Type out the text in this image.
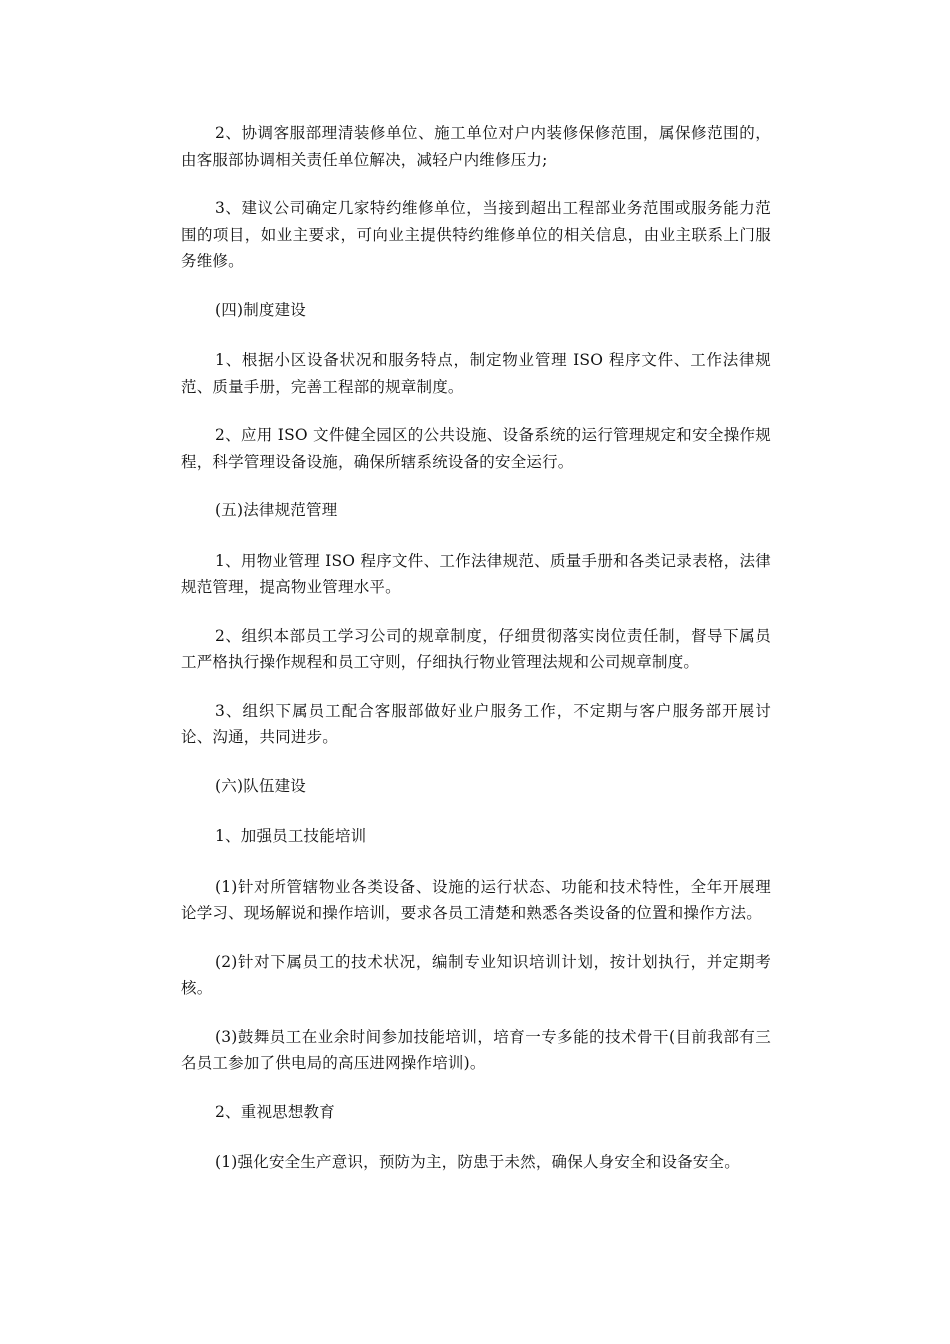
2、协调客服部理清装修单位、施工单位对户内装修保修范围，属保修范围的，由客服部协调相关责任单位解决，减轻户内维修压力;

3、建议公司确定几家特约维修单位，当接到超出工程部业务范围或服务能力范围的项目，如业主要求，可向业主提供特约维修单位的相关信息，由业主联系上门服务维修。

(四)制度建设

1、根据小区设备状况和服务特点，制定物业管理 ISO 程序文件、工作法律规范、质量手册，完善工程部的规章制度。

2、应用 ISO 文件健全园区的公共设施、设备系统的运行管理规定和安全操作规程，科学管理设备设施，确保所辖系统设备的安全运行。

(五)法律规范管理

1、用物业管理 ISO 程序文件、工作法律规范、质量手册和各类记录表格，法律规范管理，提高物业管理水平。

2、组织本部员工学习公司的规章制度，仔细贯彻落实岗位责任制，督导下属员工严格执行操作规程和员工守则，仔细执行物业管理法规和公司规章制度。

3、组织下属员工配合客服部做好业户服务工作，不定期与客户服务部开展讨论、沟通，共同进步。

(六)队伍建设

1、加强员工技能培训

(1)针对所管辖物业各类设备、设施的运行状态、功能和技术特性，全年开展理论学习、现场解说和操作培训，要求各员工清楚和熟悉各类设备的位置和操作方法。

(2)针对下属员工的技术状况，编制专业知识培训计划，按计划执行，并定期考核。

(3)鼓舞员工在业余时间参加技能培训，培育一专多能的技术骨干(目前我部有三名员工参加了供电局的高压进网操作培训)。

2、重视思想教育

(1)强化安全生产意识，预防为主，防患于未然，确保人身安全和设备安全。
